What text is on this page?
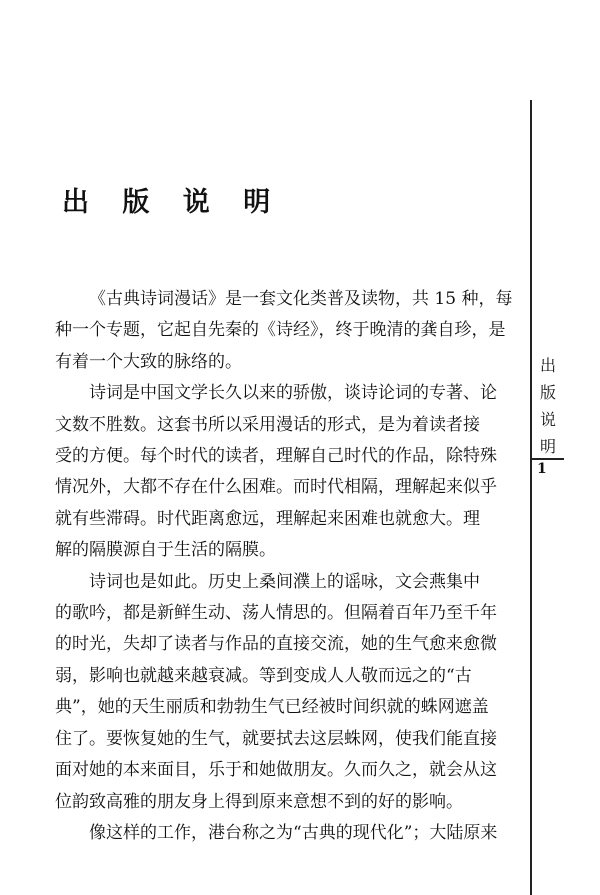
出 版 说 明

《古典诗词漫话》是一套文化类普及读物，共 15 种，每
种一个专题，它起自先秦的《诗经》，终于晚清的龚自珍，是
有着一个大致的脉络的。

诗词是中国文学长久以来的骄傲，谈诗论词的专著、论
文数不胜数。这套书所以采用漫话的形式，是为着读者接
受的方便。每个时代的读者，理解自己时代的作品，除特殊
情况外，大都不存在什么困难。而时代相隔，理解起来似乎
就有些滞碍。时代距离愈远，理解起来困难也就愈大。理
解的隔膜源自于生活的隔膜。

诗词也是如此。历史上桑间濮上的谣咏，文会燕集中
的歌吟，都是新鲜生动、荡人情思的。但隔着百年乃至千年
的时光，失却了读者与作品的直接交流，她的生气愈来愈微
弱，影响也就越来越衰减。等到变成人人敬而远之的“古
典”，她的天生丽质和勃勃生气已经被时间织就的蛛网遮盖
住了。要恢复她的生气，就要拭去这层蛛网，使我们能直接
面对她的本来面目，乐于和她做朋友。久而久之，就会从这
位韵致高雅的朋友身上得到原来意想不到的好的影响。

像这样的工作，港台称之为“古典的现代化”；大陆原来

出
版
说
明
1
